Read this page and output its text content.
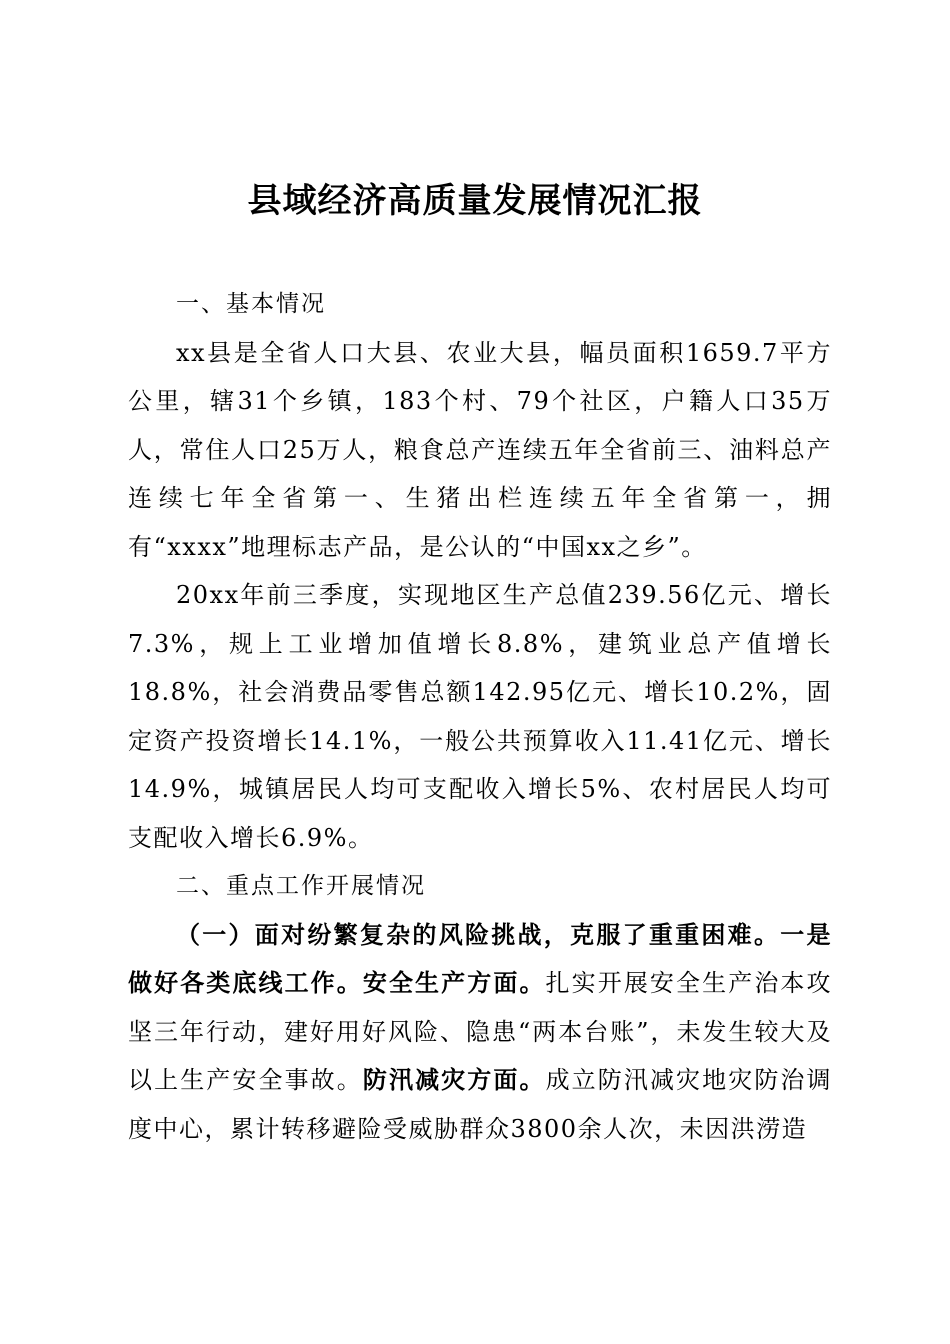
县域经济高质量发展情况汇报

一、基本情况

xx县是全省人口大县、农业大县，幅员面积1659.7平方公里，辖31个乡镇，183个村、79个社区，户籍人口35万人，常住人口25万人，粮食总产连续五年全省前三、油料总产连续七年全省第一、生猪出栏连续五年全省第一，拥有“xxxx”地理标志产品，是公认的“中国xx之乡”。

20xx年前三季度，实现地区生产总值239.56亿元、增长7.3%，规上工业增加值增长8.8%，建筑业总产值增长18.8%，社会消费品零售总额142.95亿元、增长10.2%，固定资产投资增长14.1%，一般公共预算收入11.41亿元、增长14.9%，城镇居民人均可支配收入增长5%、农村居民人均可支配收入增长6.9%。

二、重点工作开展情况

（一）面对纷繁复杂的风险挑战，克服了重重困难。一是做好各类底线工作。安全生产方面。扎实开展安全生产治本攻坚三年行动，建好用好风险、隐患“两本台账”，未发生较大及以上生产安全事故。防汛减灾方面。成立防汛减灾地灾防治调度中心，累计转移避险受威胁群众3800余人次，未因洪涝造
